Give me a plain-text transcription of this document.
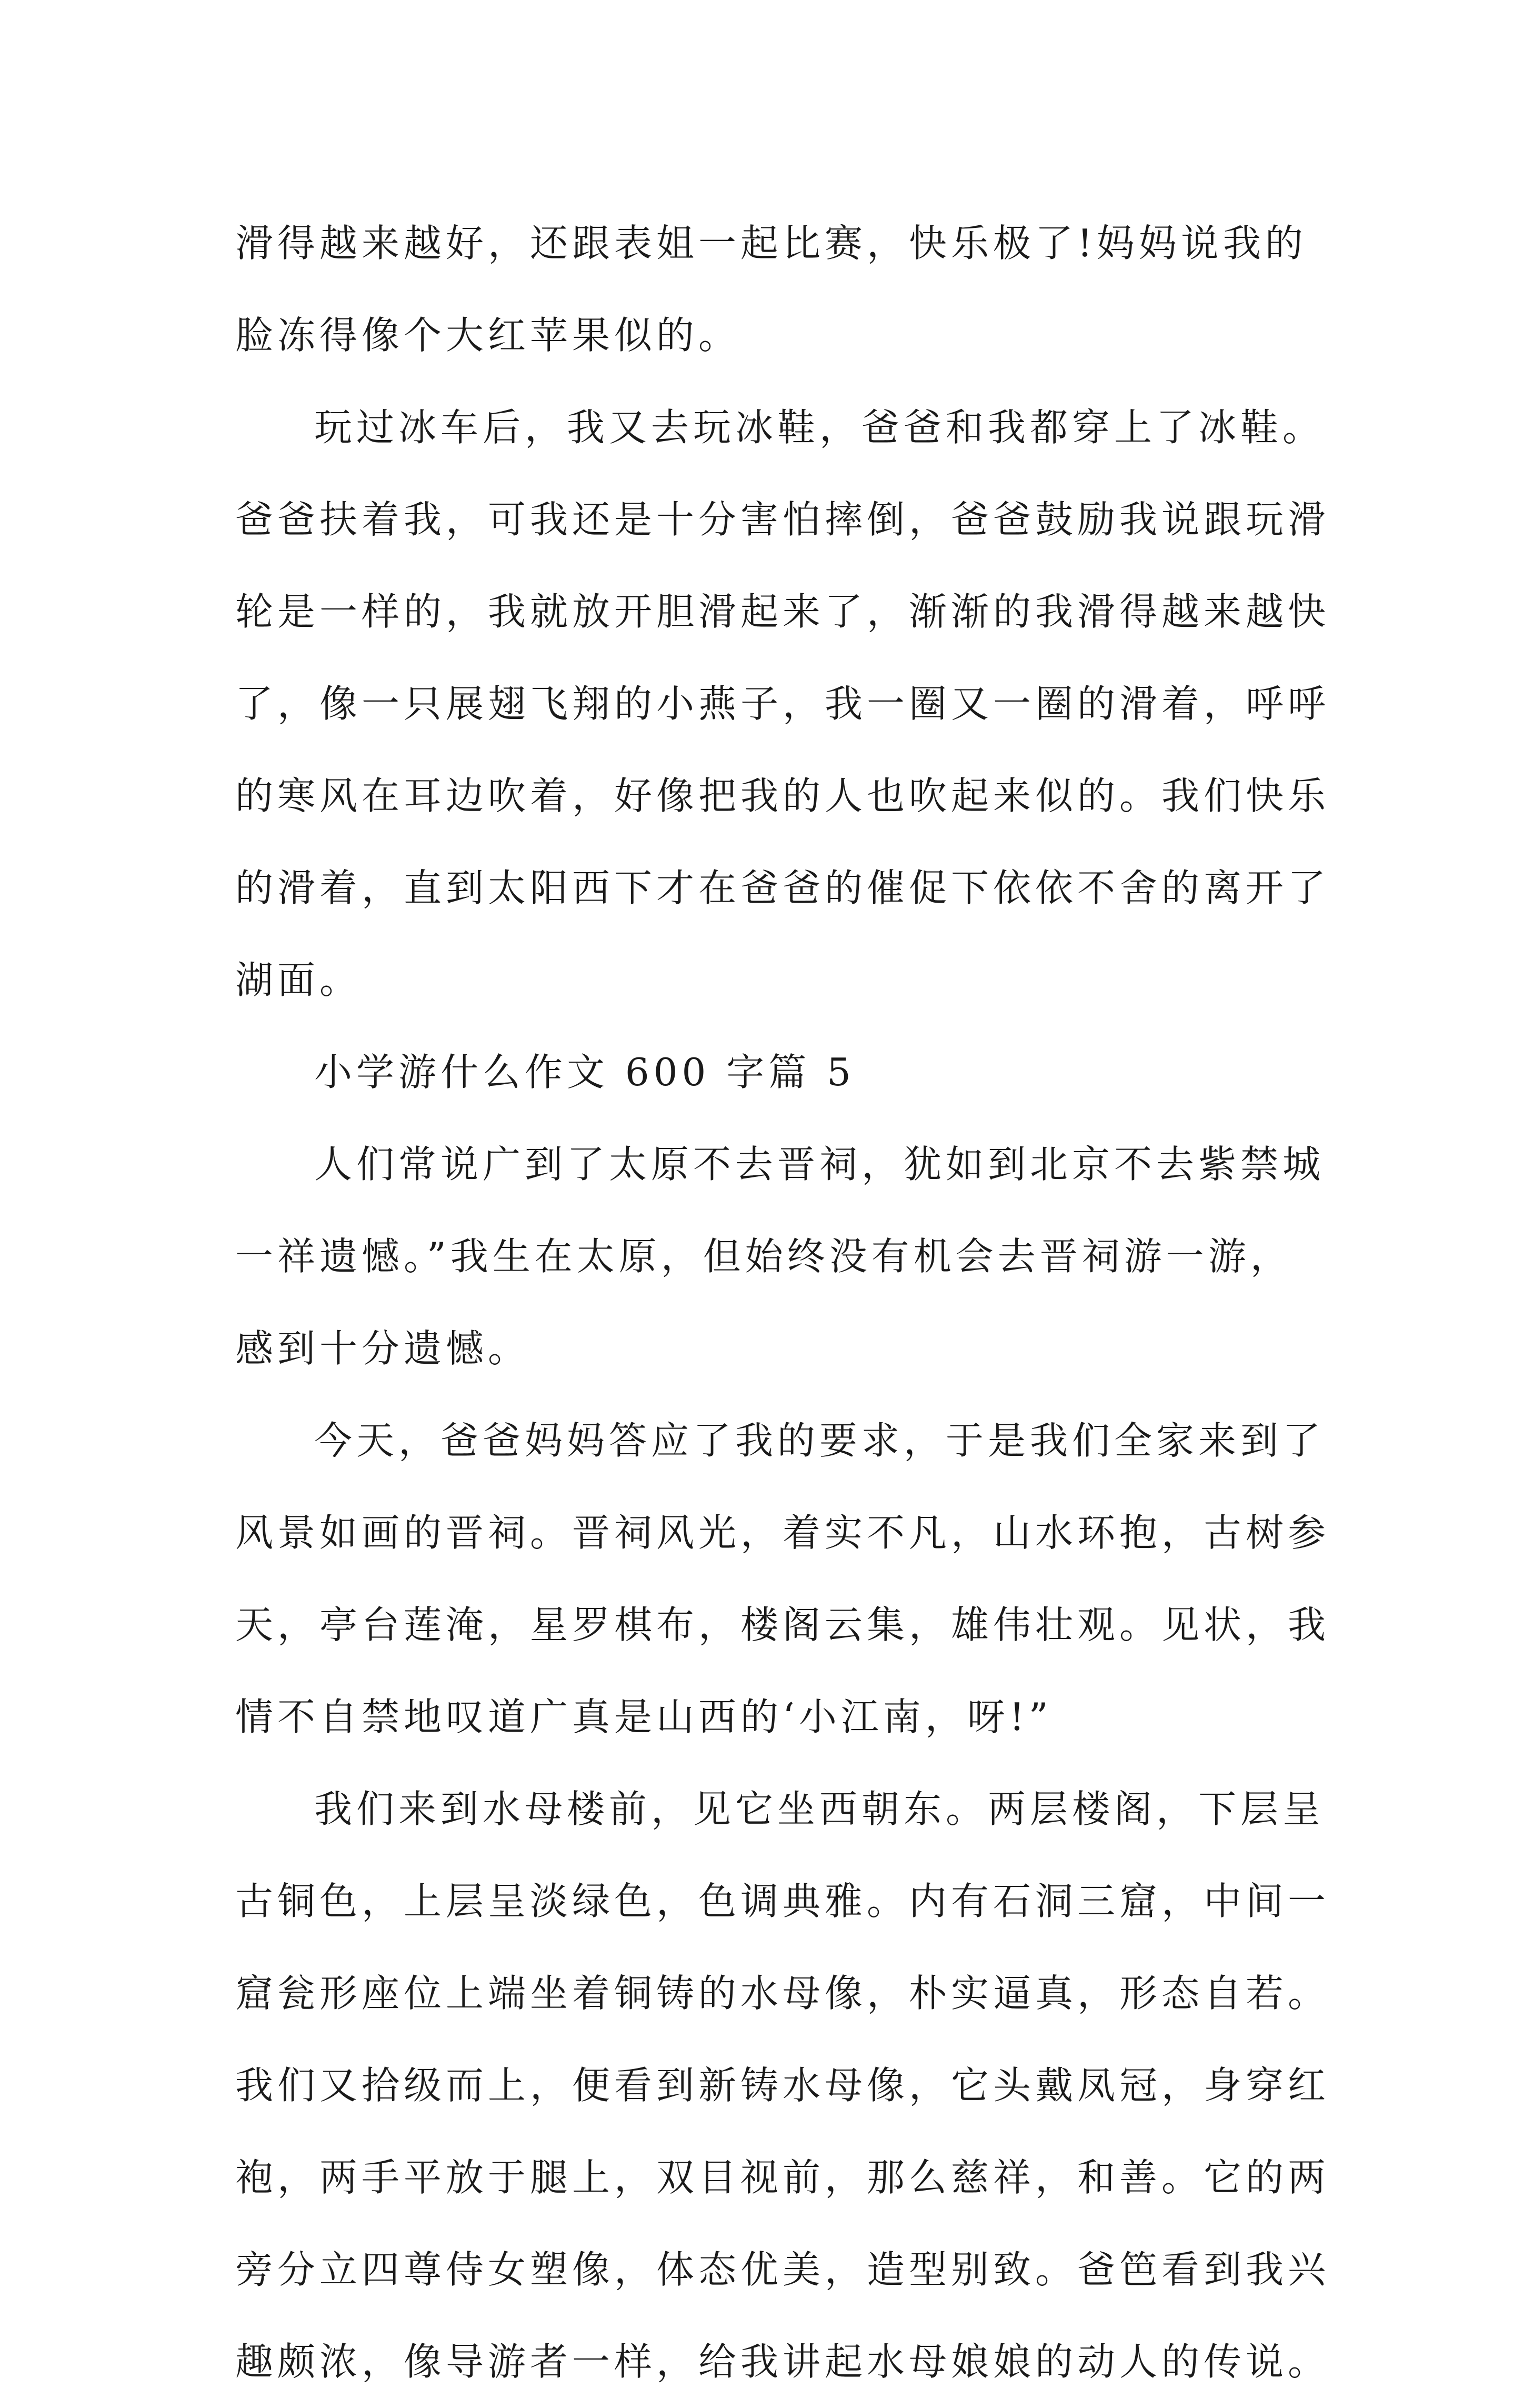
滑得越来越好，还跟表姐一起比赛，快乐极了!妈妈说我的
脸冻得像个大红苹果似的。
玩过冰车后，我又去玩冰鞋，爸爸和我都穿上了冰鞋。
爸爸扶着我，可我还是十分害怕摔倒，爸爸鼓励我说跟玩滑
轮是一样的，我就放开胆滑起来了，渐渐的我滑得越来越快
了，像一只展翅飞翔的小燕子，我一圈又一圈的滑着，呼呼
的寒风在耳边吹着，好像把我的人也吹起来似的。我们快乐
的滑着，直到太阳西下才在爸爸的催促下依依不舍的离开了
湖面。
小学游什么作文 600 字篇 5
人们常说广到了太原不去晋祠，犹如到北京不去紫禁城
一祥遗憾。”我生在太原，但始终没有机会去晋祠游一游，
感到十分遗憾。
今天，爸爸妈妈答应了我的要求，于是我们全家来到了
风景如画的晋祠。晋祠风光，着实不凡，山水环抱，古树参
天，亭台莲淹，星罗棋布，楼阁云集，雄伟壮观。见状，我
情不自禁地叹道广真是山西的‘小江南，呀!”
我们来到水母楼前，见它坐西朝东。两层楼阁，下层呈
古铜色，上层呈淡绿色，色调典雅。内有石洞三窟，中间一
窟瓮形座位上端坐着铜铸的水母像，朴实逼真，形态自若。
我们又拾级而上，便看到新铸水母像，它头戴凤冠，身穿红
袍，两手平放于腿上，双目视前，那么慈祥，和善。它的两
旁分立四尊侍女塑像，体态优美，造型别致。爸笆看到我兴
趣颇浓，像导游者一样，给我讲起水母娘娘的动人的传说。
